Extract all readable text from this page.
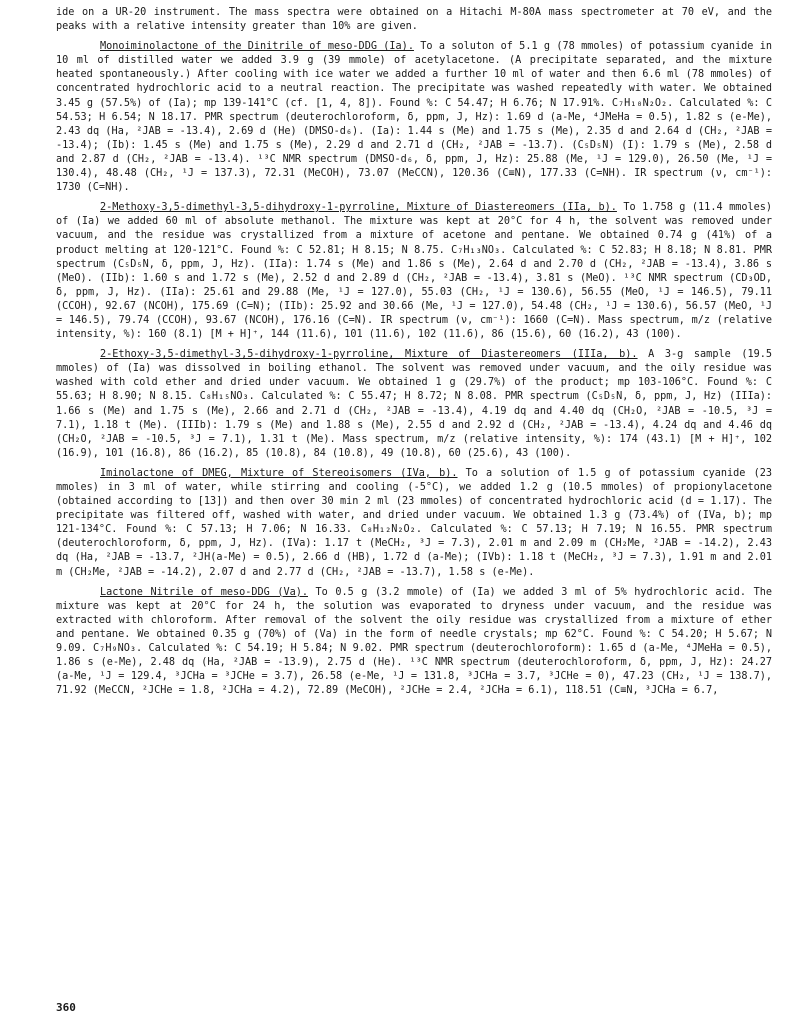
ide on a UR-20 instrument. The mass spectra were obtained on a Hitachi M-80A mass spectrometer at 70 eV, and the peaks with a relative intensity greater than 10% are given.

Monoiminolactone of the Dinitrile of meso-DDG (Ia). To a soluton of 5.1 g (78 mmoles) of potassium cyanide in 10 ml of distilled water we added 3.9 g (39 mmole) of acetylacetone. (A precipitate separated, and the mixture heated spontaneously.) After cooling with ice water we added a further 10 ml of water and then 6.6 ml (78 mmoles) of concentrated hydrochloric acid to a neutral reaction. The precipitate was washed repeatedly with water. We obtained 3.45 g (57.5%) of (Ia); mp 139-141°C (cf. [1, 4, 8]). Found %: C 54.47; H 6.76; N 17.91%. C₇H₁₀N₂O₂. Calculated %: C 54.53; H 6.54; N 18.17. PMR spectrum (deuterochloroform, δ, ppm, J, Hz): 1.69 d (a-Me, ⁴JMeHa = 0.5), 1.82 s (e-Me), 2.43 dq (Ha, ²JAB = -13.4), 2.69 d (He) (DMSO-d₆). (Ia): 1.44 s (Me) and 1.75 s (Me), 2.35 d and 2.64 d (CH₂, ²JAB = -13.4); (Ib): 1.45 s (Me) and 1.75 s (Me), 2.29 d and 2.71 d (CH₂, ²JAB = -13.7). (C₅D₅N) (I): 1.79 s (Me), 2.58 d and 2.87 d (CH₂, ²JAB = -13.4). ¹³C NMR spectrum (DMSO-d₆, δ, ppm, J, Hz): 25.88 (Me, ¹J = 129.0), 26.50 (Me, ¹J = 130.4), 48.48 (CH₂, ¹J = 137.3), 72.31 (MeCOH), 73.07 (MeCCN), 120.36 (C≡N), 177.33 (C=NH). IR spectrum (ν, cm⁻¹): 1730 (C=NH).

2-Methoxy-3,5-dimethyl-3,5-dihydroxy-1-pyrroline, Mixture of Diastereomers (IIa, b). To 1.758 g (11.4 mmoles) of (Ia) we added 60 ml of absolute methanol. The mixture was kept at 20°C for 4 h, the solvent was removed under vacuum, and the residue was crystallized from a mixture of acetone and pentane. We obtained 0.74 g (41%) of a product melting at 120-121°C. Found %: C 52.81; H 8.15; N 8.75. C₇H₁₃NO₃. Calculated %: C 52.83; H 8.18; N 8.81. PMR spectrum (C₅D₅N, δ, ppm, J, Hz). (IIa): 1.74 s (Me) and 1.86 s (Me), 2.64 d and 2.70 d (CH₂, ²JAB = -13.4), 3.86 s (MeO). (IIb): 1.60 s and 1.72 s (Me), 2.52 d and 2.89 d (CH₂, ²JAB = -13.4), 3.81 s (MeO). ¹³C NMR spectrum (CD₃OD, δ, ppm, J, Hz). (IIa): 25.61 and 29.88 (Me, ¹J = 127.0), 55.03 (CH₂, ¹J = 130.6), 56.55 (MeO, ¹J = 146.5), 79.11 (CCOH), 92.67 (NCOH), 175.69 (C=N); (IIb): 25.92 and 30.66 (Me, ¹J = 127.0), 54.48 (CH₂, ¹J = 130.6), 56.57 (MeO, ¹J = 146.5), 79.74 (CCOH), 93.67 (NCOH), 176.16 (C=N). IR spectrum (ν, cm⁻¹): 1660 (C=N). Mass spectrum, m/z (relative intensity, %): 160 (8.1) [M + H]⁺, 144 (11.6), 101 (11.6), 102 (11.6), 86 (15.6), 60 (16.2), 43 (100).

2-Ethoxy-3,5-dimethyl-3,5-dihydroxy-1-pyrroline, Mixture of Diastereomers (IIIa, b). A 3-g sample (19.5 mmoles) of (Ia) was dissolved in boiling ethanol. The solvent was removed under vacuum, and the oily residue was washed with cold ether and dried under vacuum. We obtained 1 g (29.7%) of the product; mp 103-106°C. Found %: C 55.63; H 8.90; N 8.15. C₈H₁₅NO₃. Calculated %: C 55.47; H 8.72; N 8.08. PMR spectrum (C₅D₅N, δ, ppm, J, Hz) (IIIa): 1.66 s (Me) and 1.75 s (Me), 2.66 and 2.71 d (CH₂, ²JAB = -13.4), 4.19 dq and 4.40 dq (CH₂O, ²JAB = -10.5, ³J = 7.1), 1.18 t (Me). (IIIb): 1.79 s (Me) and 1.88 s (Me), 2.55 d and 2.92 d (CH₂, ²JAB = -13.4), 4.24 dq and 4.46 dq (CH₂O, ²JAB = -10.5, ³J = 7.1), 1.31 t (Me). Mass spectrum, m/z (relative intensity, %): 174 (43.1) [M + H]⁺, 102 (16.9), 101 (16.8), 86 (16.2), 85 (10.8), 84 (10.8), 49 (10.8), 60 (25.6), 43 (100).

Iminolactone of DMEG, Mixture of Stereoisomers (IVa, b). To a solution of 1.5 g of potassium cyanide (23 mmoles) in 3 ml of water, while stirring and cooling (-5°C), we added 1.2 g (10.5 mmoles) of propionylacetone (obtained according to [13]) and then over 30 min 2 ml (23 mmoles) of concentrated hydrochloric acid (d = 1.17). The precipitate was filtered off, washed with water, and dried under vacuum. We obtained 1.3 g (73.4%) of (IVa, b); mp 121-134°C. Found %: C 57.13; H 7.06; N 16.33. C₈H₁₂N₂O₂. Calculated %: C 57.13; H 7.19; N 16.55. PMR spectrum (deuterochloroform, δ, ppm, J, Hz). (IVa): 1.17 t (MeCH₂, ³J = 7.3), 2.01 m and 2.09 m (CH₂Me, ²JAB = -14.2), 2.43 dq (Ha, ²JAB = -13.7, ²JH(a-Me) = 0.5), 2.66 d (HB), 1.72 d (a-Me); (IVb): 1.18 t (MeCH₂, ³J = 7.3), 1.91 m and 2.01 m (CH₂Me, ²JAB = -14.2), 2.07 d and 2.77 d (CH₂, ²JAB = -13.7), 1.58 s (e-Me).

Lactone Nitrile of meso-DDG (Va). To 0.5 g (3.2 mmole) of (Ia) we added 3 ml of 5% hydrochloric acid. The mixture was kept at 20°C for 24 h, the solution was evaporated to dryness under vacuum, and the residue was extracted with chloroform. After removal of the solvent the oily residue was crystallized from a mixture of ether and pentane. We obtained 0.35 g (70%) of (Va) in the form of needle crystals; mp 62°C. Found %: C 54.20; H 5.67; N 9.09. C₇H₉NO₃. Calculated %: C 54.19; H 5.84; N 9.02. PMR spectrum (deuterochloroform): 1.65 d (a-Me, ⁴JMeHa = 0.5), 1.86 s (e-Me), 2.48 dq (Ha, ²JAB = -13.9), 2.75 d (He). ¹³C NMR spectrum (deuterochloroform, δ, ppm, J, Hz): 24.27 (a-Me, ¹J = 129.4, ³JCHa = ³JCHe = 3.7), 26.58 (e-Me, ¹J = 131.8, ³JCHa = 3.7, ³JCHe = 0), 47.23 (CH₂, ¹J = 138.7), 71.92 (MeCCN, ²JCHe = 1.8, ²JCHa = 4.2), 72.89 (MeCOH), ²JCHe = 2.4, ²JCHa = 6.1), 118.51 (C≡N, ³JCHa = 6.7,

360
